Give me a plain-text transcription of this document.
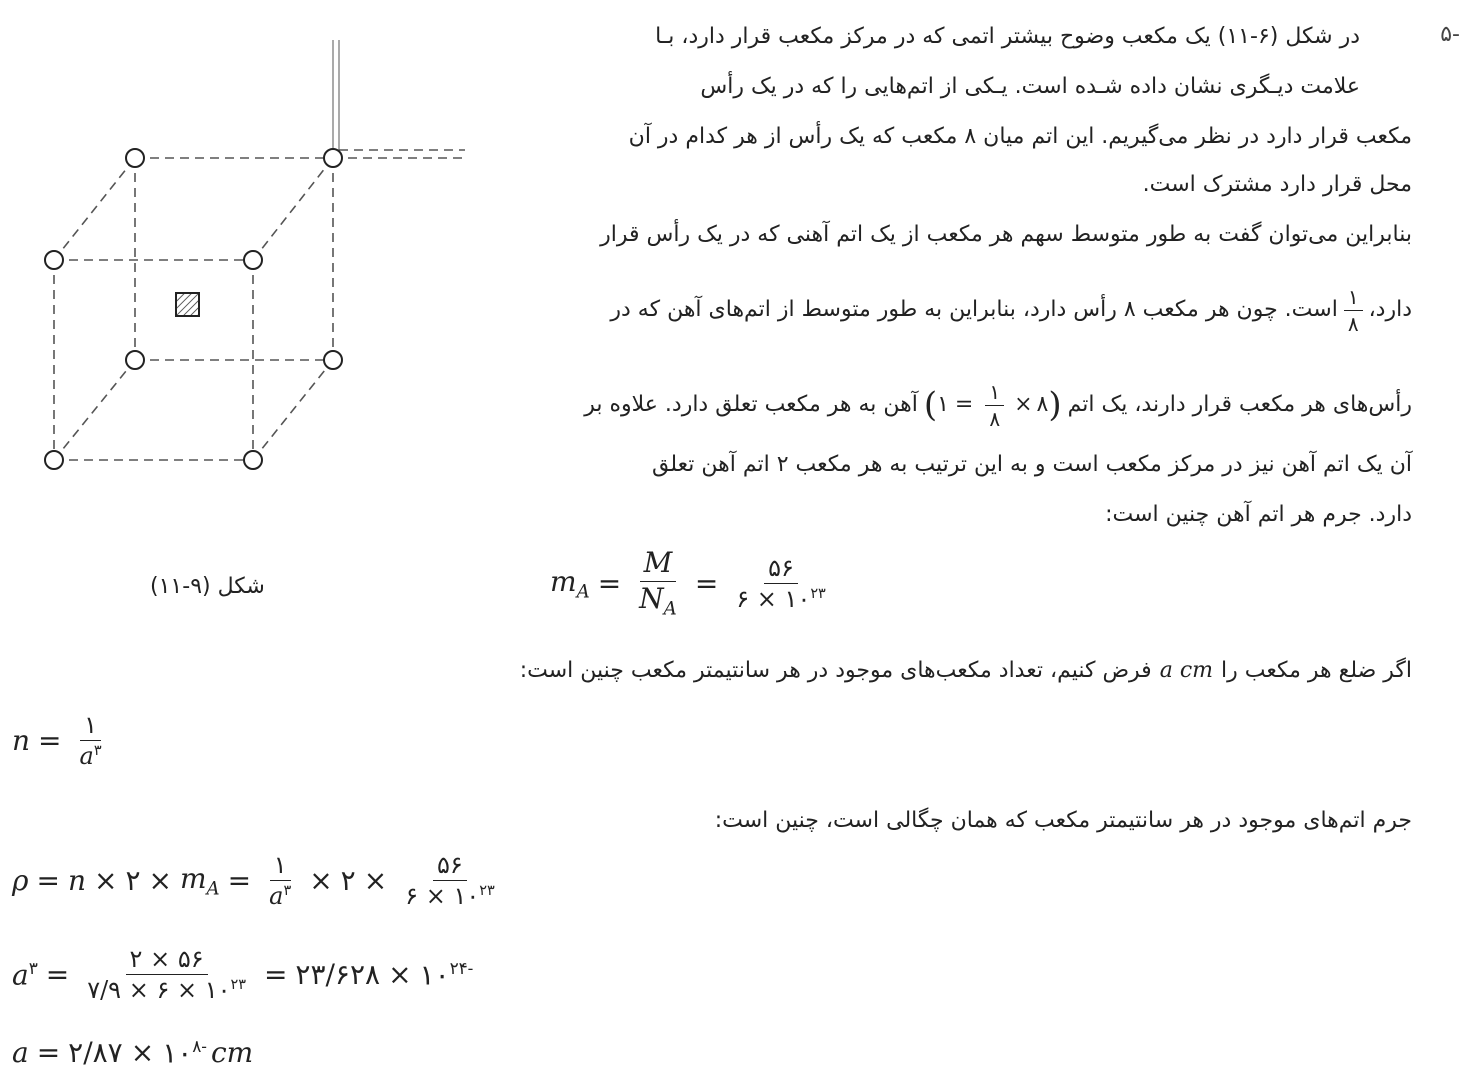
-۵
در شکل (۶-۱۱) یک مکعب وضوح بیشتر اتمی که در مرکز مکعب قرار دارد، بـا
علامت دیـگری نشان داده شـده است. یـکی از اتم‌هایی را که در یک رأس
مکعب قرار دارد در نظر می‌گیریم. این اتم میان ۸ مکعب که یک رأس از هر کدام در آن
محل قرار دارد مشترک است.
بنابراین می‌توان گفت به طور متوسط سهم هر مکعب از یک اتم آهنی که در یک رأس قرار
دارد،
$\frac{۱}{۸}$
است. چون هر مکعب ۸ رأس دارد، بنابراین به طور متوسط از اتم‌های آهن که در
رأس‌های هر مکعب قرار دارند، یک اتم
( ۱ = $\frac{۱}{۸}$ × ۸ )
آهن به هر مکعب تعلق دارد. علاوه بر
آن یک اتم آهن نیز در مرکز مکعب است و به این ترتیب به هر مکعب ۲ اتم آهن تعلق
دارد. جرم هر اتم آهن چنین است:
$m_A = \frac{M}{N_A} = \frac{۵۶}{۶ \times ۱۰^{۲۳}}$
شکل (۹-۱۱)
اگر ضلع هر مکعب را
a cm
فرض کنیم، تعداد مکعب‌های موجود در هر سانتیمتر مکعب چنین است:
$n = \frac{۱}{a^۳}$
جرم اتم‌های موجود در هر سانتیمتر مکعب که همان چگالی است، چنین است:
ρ = n × ۲ × $m_A = \frac{۱}{a^۳}$ × ۲ × $\frac{۵۶}{۶ \times ۱۰^{۲۳}}$
$a^۳ = \frac{۲ \times ۵۶}{۷/۹ \times ۶ \times ۱۰^{۲۳}}$ = ۲۳/۶۲۸ × $۱۰^{۲۴-}$
a = ۲/۸۷ × $۱۰^{۸-}$ cm
